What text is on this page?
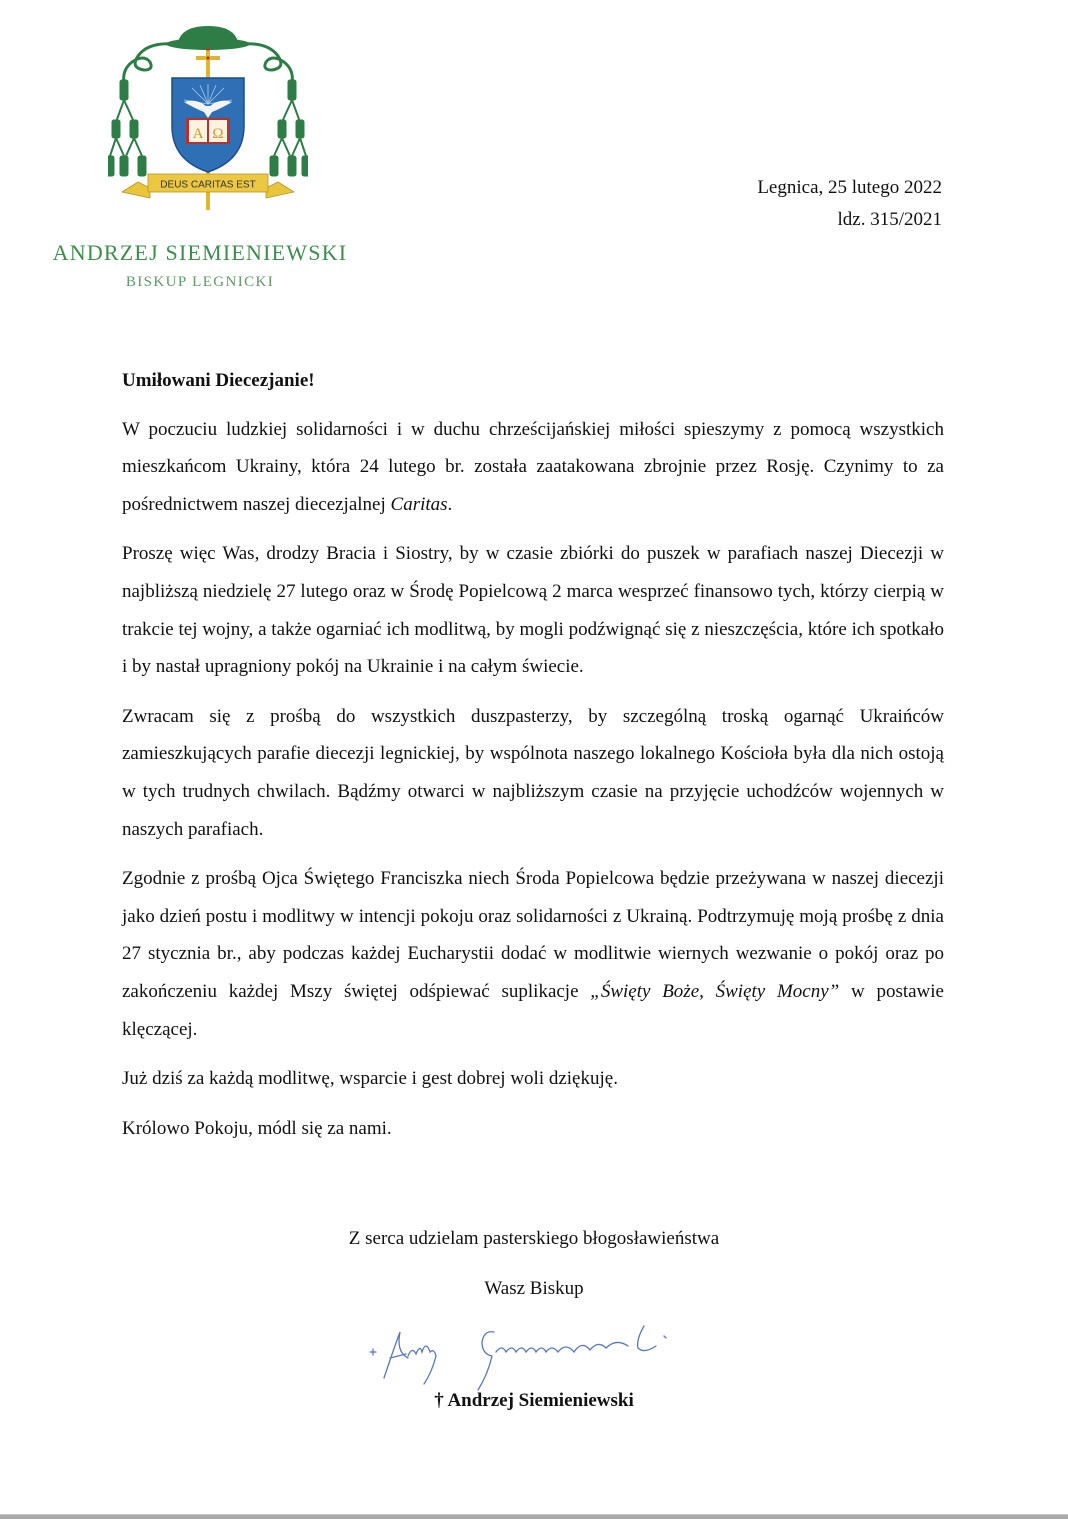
A Ω
DEUS CARITAS EST
ANDRZEJ SIEMIENIEWSKI
BISKUP LEGNICKI
Legnica, 25 lutego 2022
ldz. 315/2021

Umiłowani Diecezjanie!

W poczuciu ludzkiej solidarności i w duchu chrześcijańskiej miłości spieszymy z pomocą wszystkich mieszkańcom Ukrainy, która 24 lutego br. została zaatakowana zbrojnie przez Rosję. Czynimy to za pośrednictwem naszej diecezjalnej Caritas.

Proszę więc Was, drodzy Bracia i Siostry, by w czasie zbiórki do puszek w parafiach naszej Diecezji w najbliższą niedzielę 27 lutego oraz w Środę Popielcową 2 marca wesprzeć finansowo tych, którzy cierpią w trakcie tej wojny, a także ogarniać ich modlitwą, by mogli podźwignąć się z nieszczęścia, które ich spotkało i by nastał upragniony pokój na Ukrainie i na całym świecie.

Zwracam się z prośbą do wszystkich duszpasterzy, by szczególną troską ogarnąć Ukraińców zamieszkujących parafie diecezji legnickiej, by wspólnota naszego lokalnego Kościoła była dla nich ostoją w tych trudnych chwilach. Bądźmy otwarci w najbliższym czasie na przyjęcie uchodźców wojennych w naszych parafiach.

Zgodnie z prośbą Ojca Świętego Franciszka niech Środa Popielcowa będzie przeżywana w naszej diecezji jako dzień postu i modlitwy w intencji pokoju oraz solidarności z Ukrainą. Podtrzymuję moją prośbę z dnia 27 stycznia br., aby podczas każdej Eucharystii dodać w modlitwie wiernych wezwanie o pokój oraz po zakończeniu każdej Mszy świętej odśpiewać suplikacje „Święty Boże, Święty Mocny” w postawie klęczącej.

Już dziś za każdą modlitwę, wsparcie i gest dobrej woli dziękuję.

Królowo Pokoju, módl się za nami.

Z serca udzielam pasterskiego błogosławieństwa
Wasz Biskup
† Andrzej Siemieniewski
